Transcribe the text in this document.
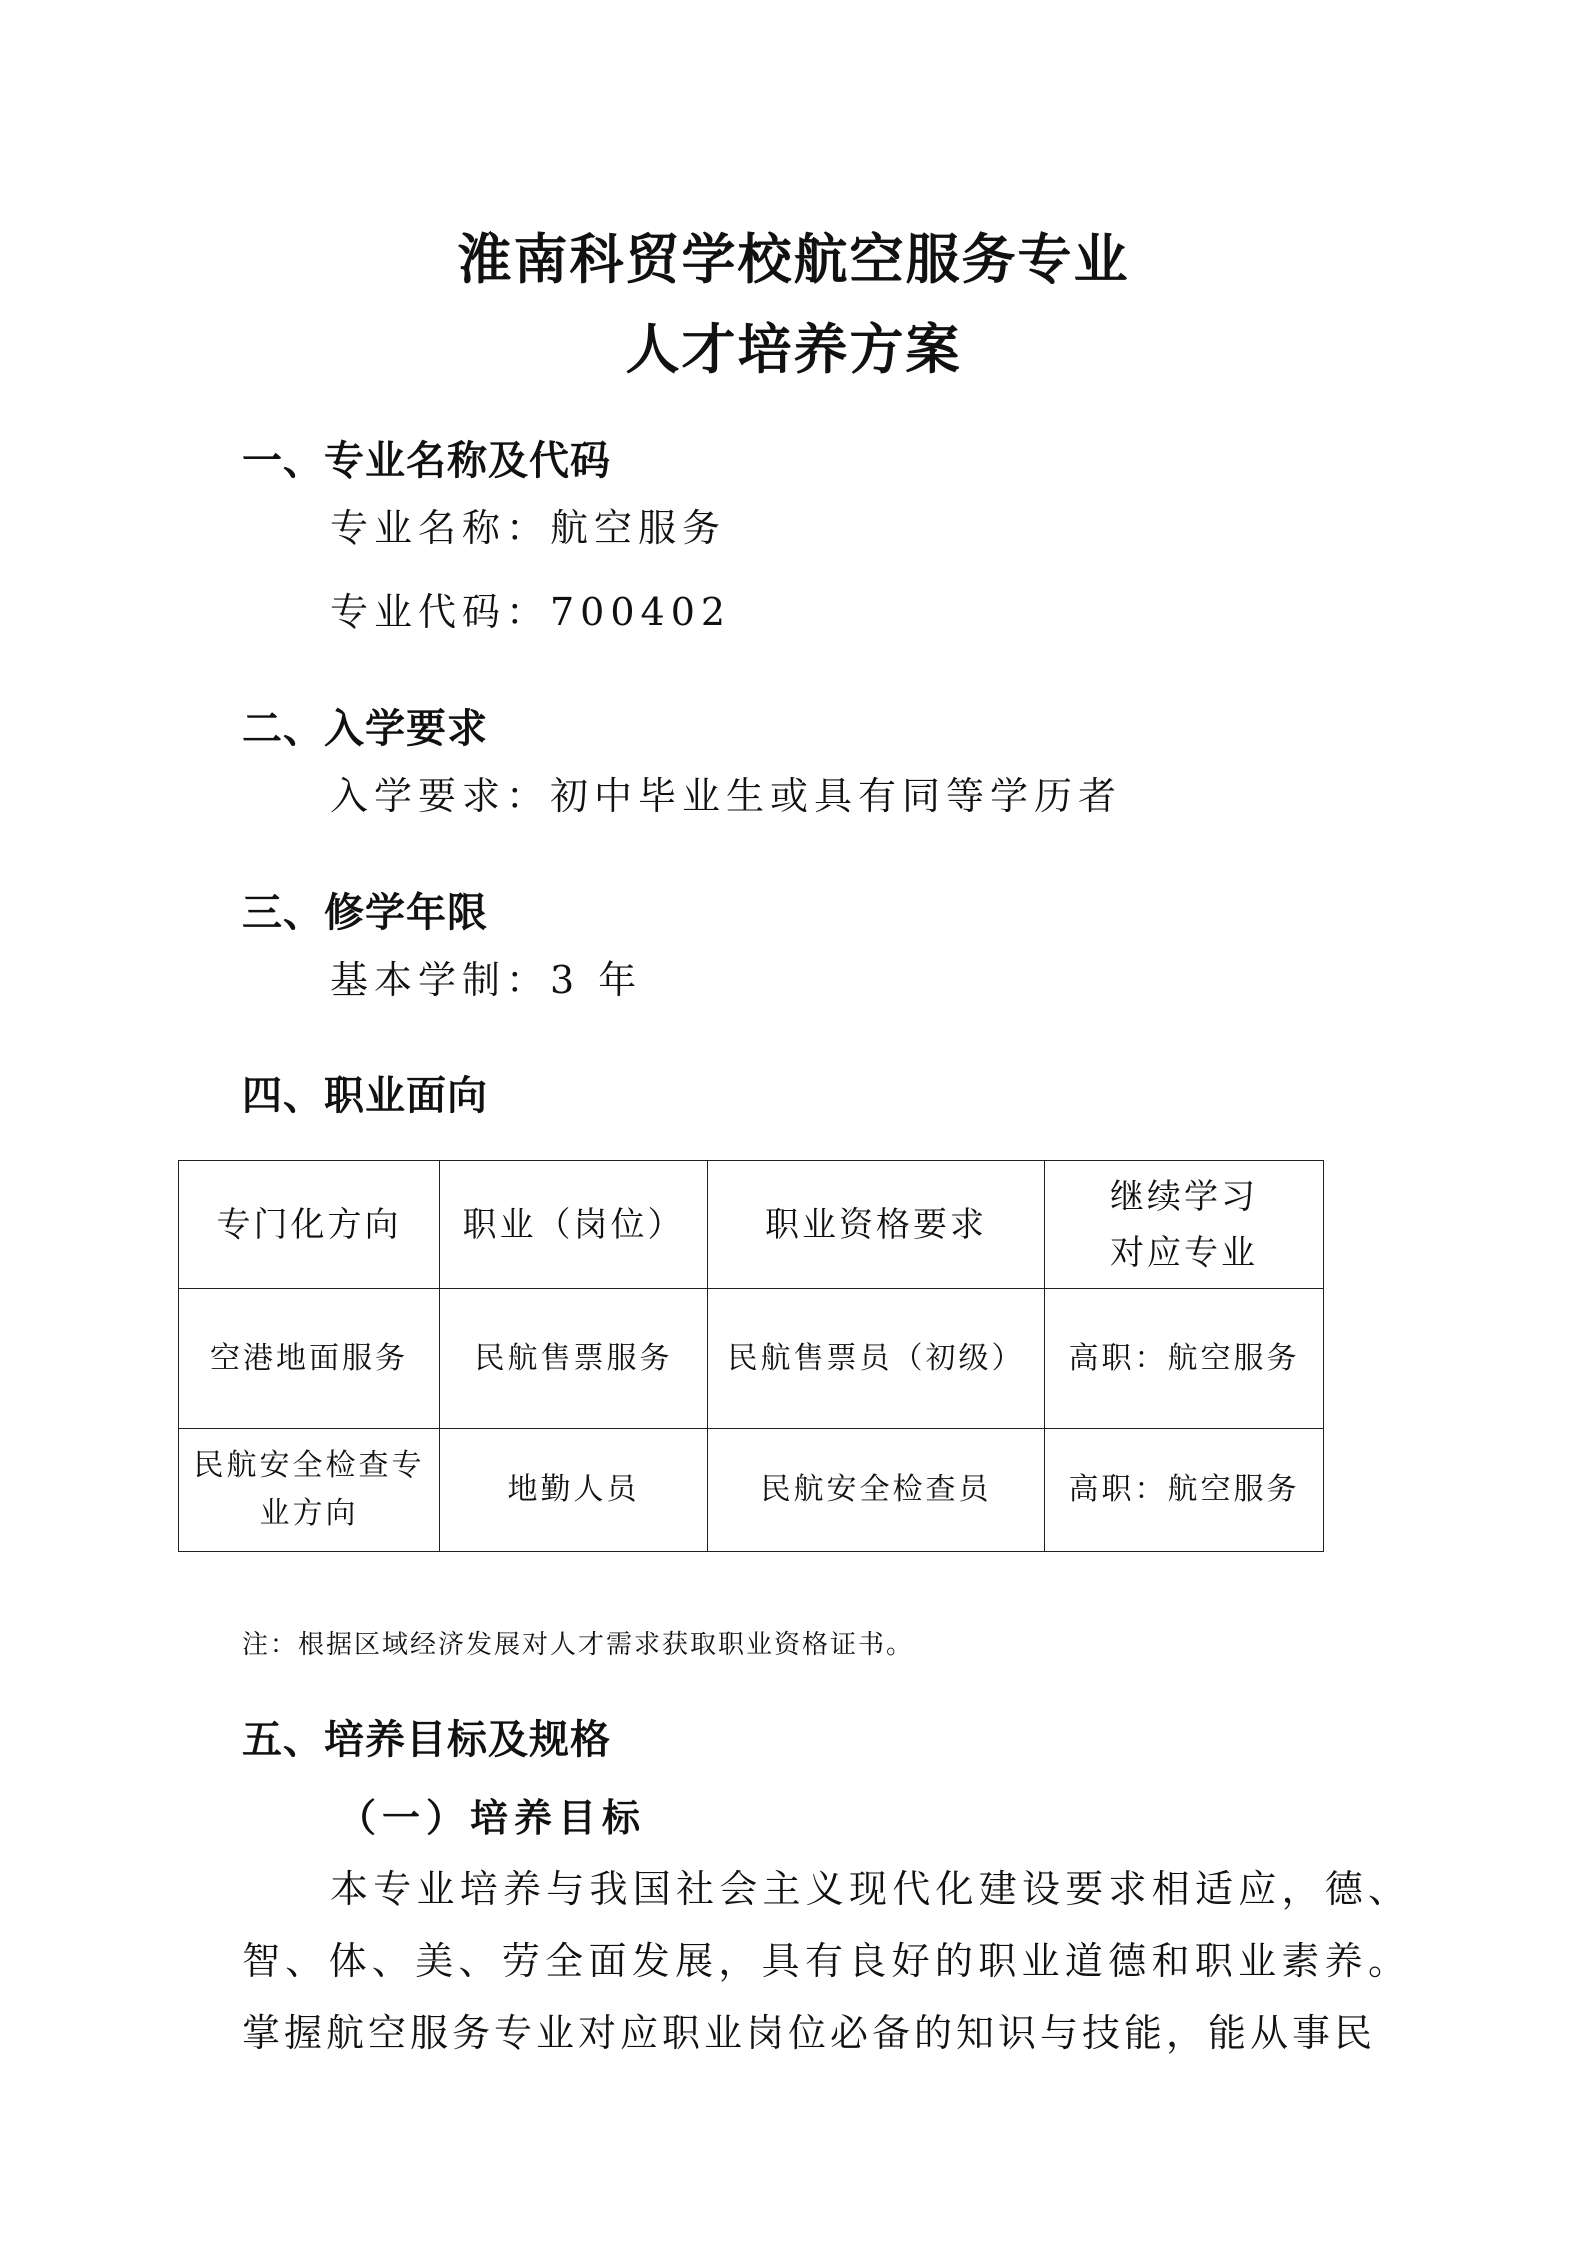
淮南科贸学校航空服务专业
人才培养方案
一、专业名称及代码
专业名称：航空服务
专业代码：700402
二、入学要求
入学要求：初中毕业生或具有同等学历者
三、修学年限
基本学制：3 年
四、职业面向
专门化方向	职业（岗位）	职业资格要求	继续学习
对应专业
空港地面服务	民航售票服务	民航售票员（初级）	高职：航空服务
民航安全检查专业方向	地勤人员	民航安全检查员	高职：航空服务
注：根据区域经济发展对人才需求获取职业资格证书。
五、培养目标及规格
（一）培养目标
本专业培养与我国社会主义现代化建设要求相适应，德、智、体、美、劳全面发展，具有良好的职业道德和职业素养。掌握航空服务专业对应职业岗位必备的知识与技能，能从事民
